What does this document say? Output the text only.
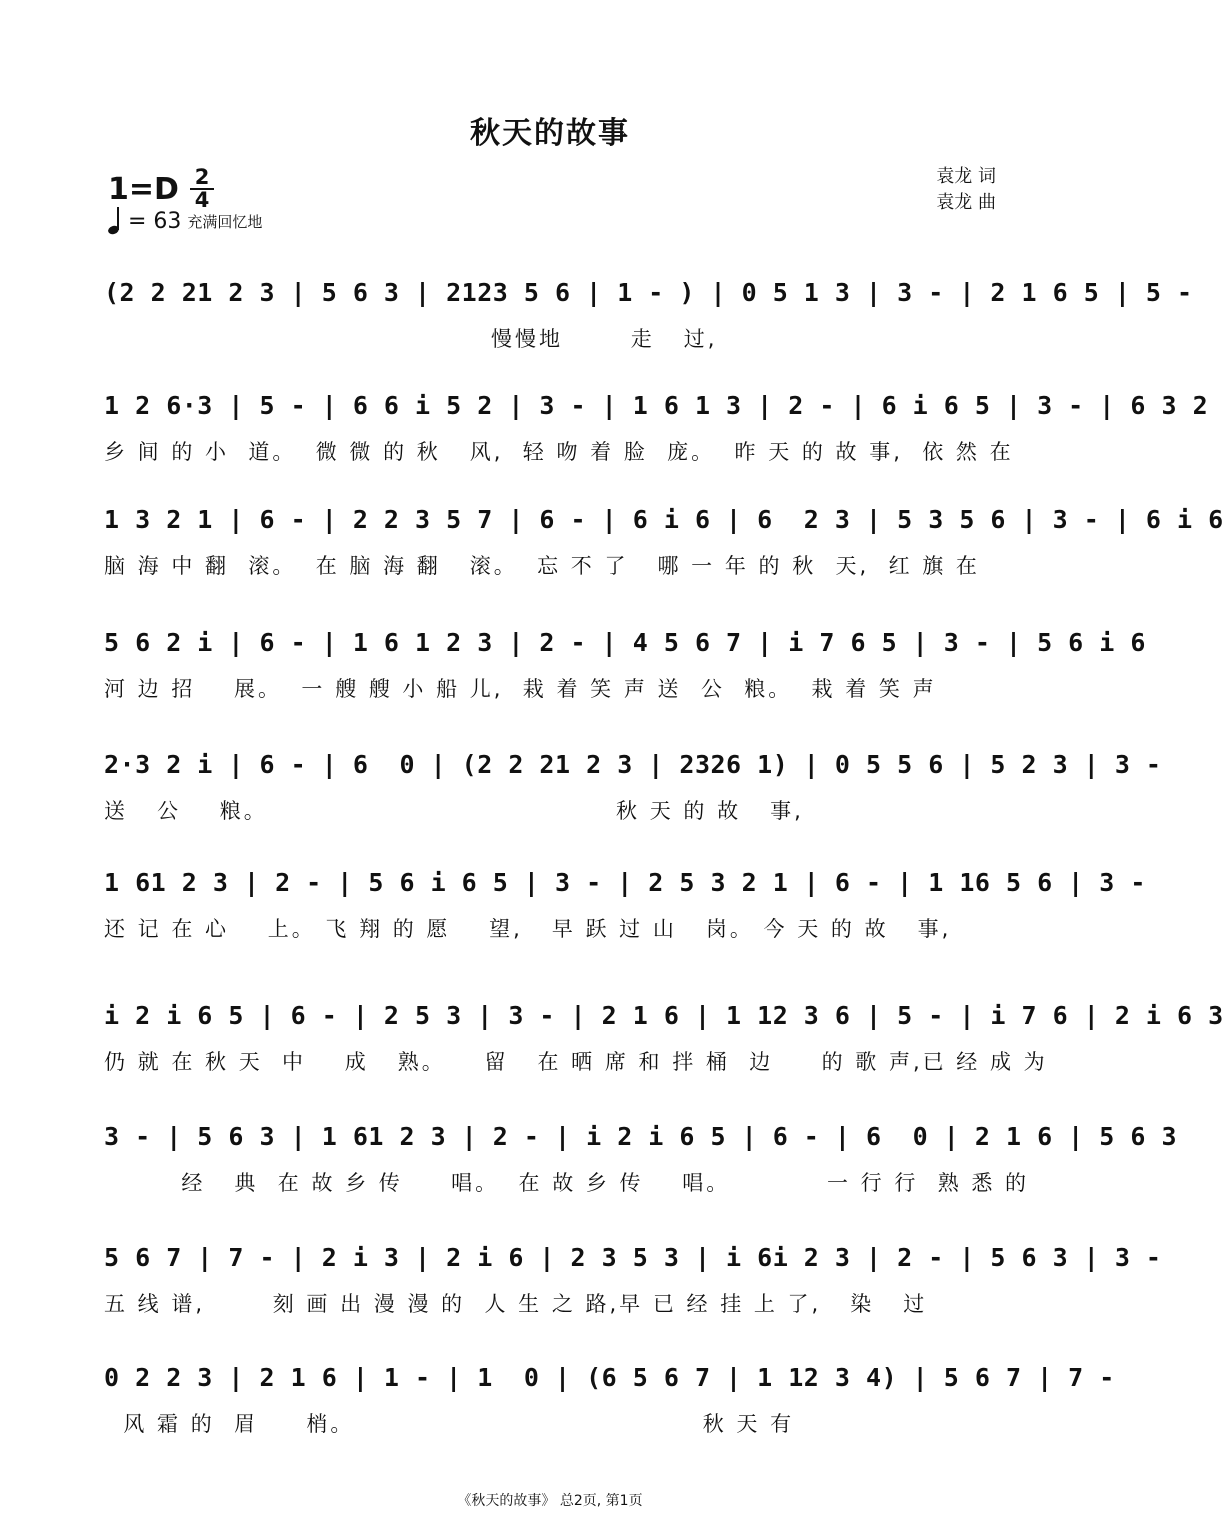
秋天的故事
1=D 2
4
= 63 充满回忆地
袁龙 词
袁龙 曲
(2 2 21 2 3 | 5 6 3 | 2123 5 6 | 1 - ) | 0 5 1 3 | 3 - | 2 1 6 5 | 5 -
慢慢地       走   过,
1 2 6·3 | 5 - | 6 6 i 5 2 | 3 - | 1 6 1 3 | 2 - | 6 i 6 5 | 3 - | 6 3 2
乡 间 的 小  道。  微 微 的 秋   风,  轻 吻 着 脸  庞。  昨 天 的 故 事,  依 然 在
1 3 2 1 | 6 - | 2 2 3 5 7 | 6 - | 6 i 6 | 6  2 3 | 5 3 5 6 | 3 - | 6 i 6
脑 海 中 翻  滚。  在 脑 海 翻   滚。  忘 不 了   哪 一 年 的 秋  天,  红 旗 在
5 6 2 i | 6 - | 1 6 1 2 3 | 2 - | 4 5 6 7 | i 7 6 5 | 3 - | 5 6 i 6
河 边 招    展。  一 艘 艘 小 船 儿,  栽 着 笑 声 送  公  粮。  栽 着 笑 声
2·3 2 i | 6 - | 6  0 | (2 2 21 2 3 | 2326 1) | 0 5 5 6 | 5 2 3 | 3 -
送   公    粮。                                    秋 天 的 故   事,
1 61 2 3 | 2 - | 5 6 i 6 5 | 3 - | 2 5 3 2 1 | 6 - | 1 16 5 6 | 3 -
还 记 在 心    上。 飞 翔 的 愿    望,   早 跃 过 山   岗。 今 天 的 故   事,
i 2 i 6 5 | 6 - | 2 5 3 | 3 - | 2 1 6 | 1 12 3 6 | 5 - | i 7 6 | 2 i 6 3
仍 就 在 秋 天  中    成   熟。    留   在 晒 席 和 拌 桶  边     的 歌 声,已 经 成 为
3 - | 5 6 3 | 1 61 2 3 | 2 - | i 2 i 6 5 | 6 - | 6  0 | 2 1 6 | 5 6 3
经   典  在 故 乡 传     唱。  在 故 乡 传    唱。          一 行 行  熟 悉 的
5 6 7 | 7 - | 2 i 3 | 2 i 6 | 2 3 5 3 | i 6i 2 3 | 2 - | 5 6 3 | 3 -
五 线 谱,       刻 画 出 漫 漫 的  人 生 之 路,早 已 经 挂 上 了,   染   过
0 2 2 3 | 2 1 6 | 1 - | 1  0 | (6 5 6 7 | 1 12 3 4) | 5 6 7 | 7 -
风 霜 的  眉     梢。                                    秋 天 有
《秋天的故事》 总2页, 第1页
